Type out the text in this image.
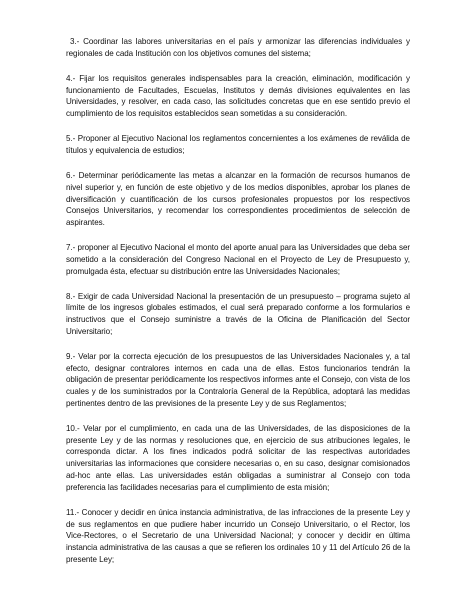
3.- Coordinar las labores universitarias en el país y armonizar las diferencias individuales y regionales de cada Institución con los objetivos comunes del sistema;

4.- Fijar los requisitos generales indispensables para la creación, eliminación, modificación y funcionamiento de Facultades, Escuelas, Institutos y demás divisiones equivalentes en las Universidades, y resolver, en cada caso, las solicitudes concretas que en ese sentido previo el cumplimiento de los requisitos establecidos sean sometidas a su consideración.

5.- Proponer al Ejecutivo Nacional los reglamentos concernientes a los exámenes de reválida de títulos y equivalencia de estudios;

6.- Determinar periódicamente las metas a alcanzar en la formación de recursos humanos de nivel superior y, en función de este objetivo y de los medios disponibles, aprobar los planes de diversificación y cuantificación de los cursos profesionales propuestos por los respectivos Consejos Universitarios, y recomendar los correspondientes procedimientos de selección de aspirantes.

7.- proponer al Ejecutivo Nacional el monto del aporte anual para las Universidades que deba ser sometido a la consideración del Congreso Nacional en el Proyecto de Ley de Presupuesto y, promulgada ésta, efectuar su distribución entre las Universidades Nacionales;

8.- Exigir de cada Universidad Nacional la presentación de un presupuesto – programa sujeto al límite de los ingresos globales estimados, el cual será preparado conforme a los formularios e instructivos que el Consejo suministre a través de la Oficina de Planificación del Sector Universitario;

9.- Velar por la correcta ejecución de los presupuestos de las Universidades Nacionales y, a tal efecto, designar contralores internos en cada una de ellas. Estos funcionarios tendrán la obligación de presentar periódicamente los respectivos informes ante el Consejo, con vista de los cuales y de los suministrados por la Contraloría General de la República, adoptará las medidas pertinentes dentro de las previsiones de la presente Ley y de sus Reglamentos;

10.- Velar por el cumplimiento, en cada una de las Universidades, de las disposiciones de la presente Ley y de las normas y resoluciones que, en ejercicio de sus atribuciones legales, le corresponda dictar. A los fines indicados podrá solicitar de las respectivas autoridades universitarias las informaciones que considere necesarias o, en su caso, designar comisionados ad-hoc ante ellas. Las universidades están obligadas a suministrar al Consejo con toda preferencia las facilidades necesarias para el cumplimiento de esta misión;

11.- Conocer y decidir en única instancia administrativa, de las infracciones de la presente Ley y de sus reglamentos en que pudiere haber incurrido un Consejo Universitario, o el Rector, los Vice-Rectores, o el Secretario de una Universidad Nacional; y conocer y decidir en última instancia administrativa de las causas a que se refieren los ordinales 10 y 11 del Artículo 26 de la presente Ley;
